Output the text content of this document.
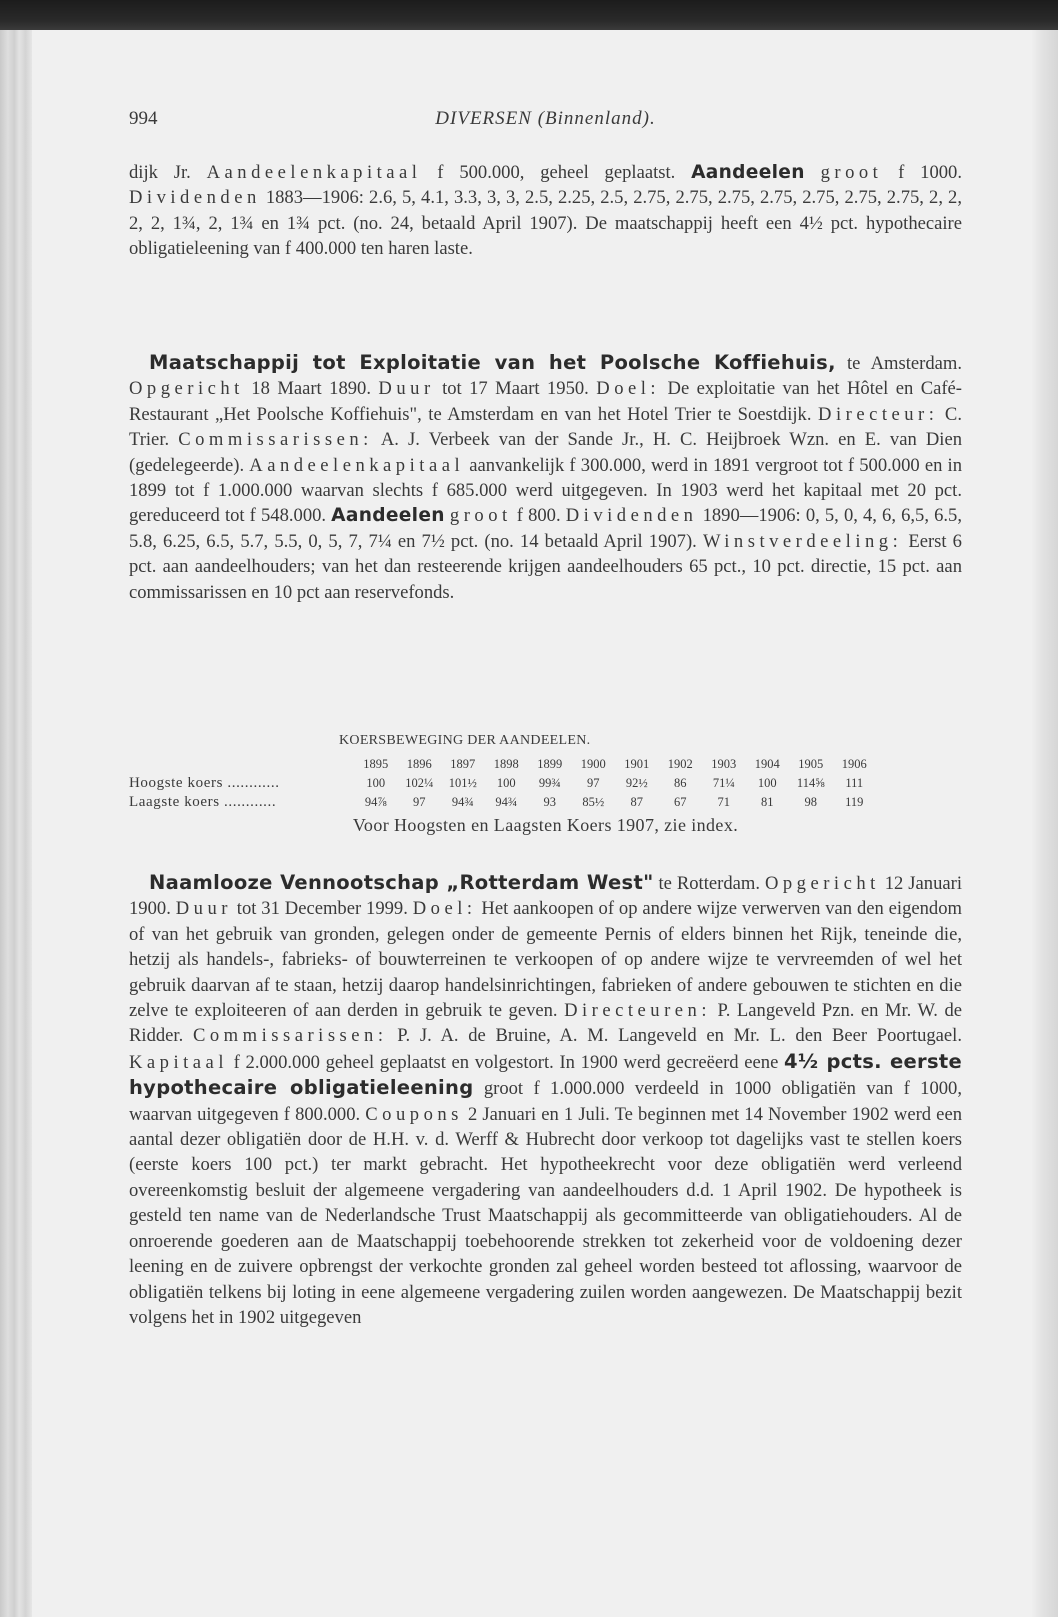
994	DIVERSEN (Binnenland).

dijk Jr. Aandeelenkapitaal f 500.000, geheel geplaatst. Aandeelen groot f 1000. Dividenden 1883—1906: 2.6, 5, 4.1, 3.3, 3, 3, 2.5, 2.25, 2.5, 2.75, 2.75, 2.75, 2.75, 2.75, 2.75, 2.75, 2, 2, 2, 2, 1¾, 2, 1¾ en 1¾ pct. (no. 24, betaald April 1907). De maatschappij heeft een 4½ pct. hypothecaire obligatieleening van f 400.000 ten haren laste.

Maatschappij tot Exploitatie van het Poolsche Koffiehuis, te Amsterdam. Opgericht 18 Maart 1890. Duur tot 17 Maart 1950. Doel: De exploitatie van het Hôtel en Café-Restaurant „Het Poolsche Koffiehuis", te Amsterdam en van het Hotel Trier te Soestdijk. Directeur: C. Trier. Commissarissen: A. J. Verbeek van der Sande Jr., H. C. Heijbroek Wzn. en E. van Dien (gedelegeerde). Aandeelenkapitaal aanvankelijk f 300.000, werd in 1891 vergroot tot f 500.000 en in 1899 tot f 1.000.000 waarvan slechts f 685.000 werd uitgegeven. In 1903 werd het kapitaal met 20 pct. gereduceerd tot f 548.000. Aandeelen groot f 800. Dividenden 1890—1906: 0, 5, 0, 4, 6, 6,5, 6.5, 5.8, 6.25, 6.5, 5.7, 5.5, 0, 5, 7, 7¼ en 7½ pct. (no. 14 betaald April 1907). Winstverdeeling: Eerst 6 pct. aan aandeelhouders; van het dan resteerende krijgen aandeelhouders 65 pct., 10 pct. directie, 15 pct. aan commissarissen en 10 pct aan reservefonds.

KOERSBEWEGING DER AANDEELEN.
	1895	1896	1897	1898	1899	1900	1901	1902	1903	1904	1905	1906
Hoogste koers ............	100	102¼	101½	100	99¾	97	92½	86	71¼	100	114⅝	111
Laagste koers ............	94⅞	97	94¾	94¾	93	85½	87	67	71	81	98	119
Voor Hoogsten en Laagsten Koers 1907, zie index.

Naamlooze Vennootschap „Rotterdam West" te Rotterdam. Opgericht 12 Januari 1900. Duur tot 31 December 1999. Doel: Het aankoopen of op andere wijze verwerven van den eigendom of van het gebruik van gronden, gelegen onder de gemeente Pernis of elders binnen het Rijk, teneinde die, hetzij als handels-, fabrieks- of bouwterreinen te verkoopen of op andere wijze te vervreemden of wel het gebruik daarvan af te staan, hetzij daarop handelsinrichtingen, fabrieken of andere gebouwen te stichten en die zelve te exploiteeren of aan derden in gebruik te geven. Directeuren: P. Langeveld Pzn. en Mr. W. de Ridder. Commissarissen: P. J. A. de Bruine, A. M. Langeveld en Mr. L. den Beer Poortugael. Kapitaal f 2.000.000 geheel geplaatst en volgestort. In 1900 werd gecreëerd eene 4½ pcts. eerste hypothecaire obligatieleening groot f 1.000.000 verdeeld in 1000 obligatiën van f 1000, waarvan uitgegeven f 800.000. Coupons 2 Januari en 1 Juli. Te beginnen met 14 November 1902 werd een aantal dezer obligatiën door de H.H. v. d. Werff & Hubrecht door verkoop tot dagelijks vast te stellen koers (eerste koers 100 pct.) ter markt gebracht. Het hypotheekrecht voor deze obligatiën werd verleend overeenkomstig besluit der algemeene vergadering van aandeelhouders d.d. 1 April 1902. De hypotheek is gesteld ten name van de Nederlandsche Trust Maatschappij als gecommitteerde van obligatiehouders. Al de onroerende goederen aan de Maatschappij toebehoorende strekken tot zekerheid voor de voldoening dezer leening en de zuivere opbrengst der verkochte gronden zal geheel worden besteed tot aflossing, waarvoor de obligatiën telkens bij loting in eene algemeene vergadering zuilen worden aangewezen. De Maatschappij bezit volgens het in 1902 uitgegeven
